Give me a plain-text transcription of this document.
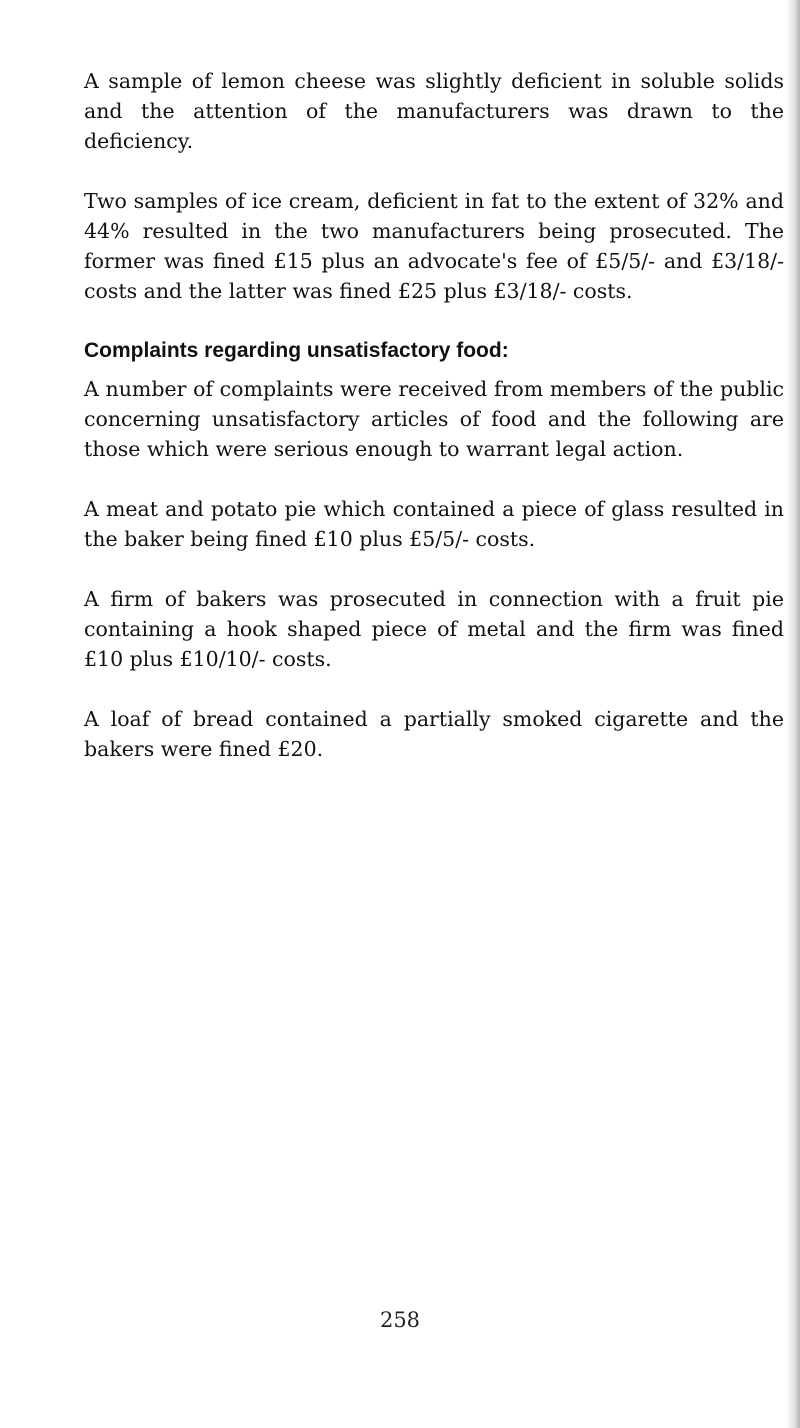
A sample of lemon cheese was slightly deficient in soluble solids and the attention of the manufacturers was drawn to the deficiency.

Two samples of ice cream, deficient in fat to the extent of 32% and 44% resulted in the two manufacturers being prosecuted. The former was fined £15 plus an advocate's fee of £5/5/- and £3/18/- costs and the latter was fined £25 plus £3/18/- costs.

Complaints regarding unsatisfactory food:

A number of complaints were received from members of the public concerning unsatisfactory articles of food and the following are those which were serious enough to warrant legal action.

A meat and potato pie which contained a piece of glass resulted in the baker being fined £10 plus £5/5/- costs.

A firm of bakers was prosecuted in connection with a fruit pie containing a hook shaped piece of metal and the firm was fined £10 plus £10/10/- costs.

A loaf of bread contained a partially smoked cigarette and the bakers were fined £20.

258
